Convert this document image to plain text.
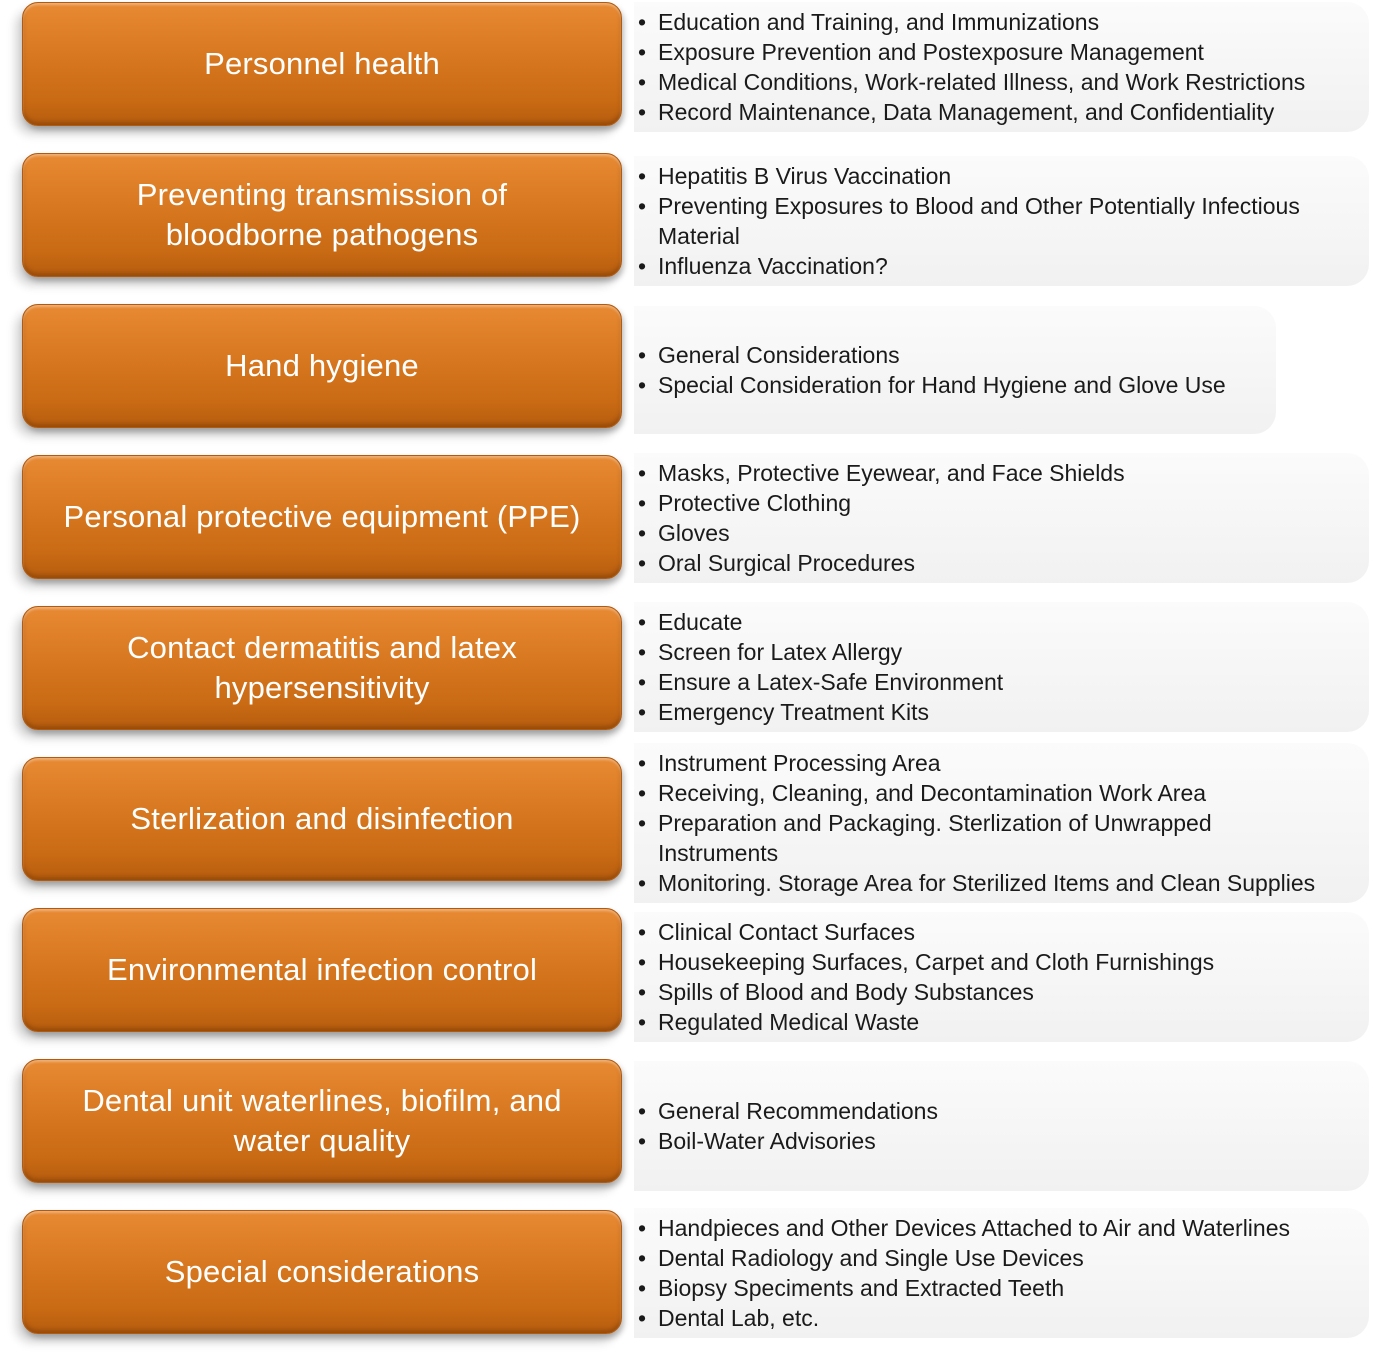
Personnel health
• Education and Training, and Immunizations
• Exposure Prevention and Postexposure Management
• Medical Conditions, Work-related Illness, and Work Restrictions
• Record Maintenance, Data Management, and Confidentiality
Preventing transmission of bloodborne pathogens
• Hepatitis B Virus Vaccination
• Preventing Exposures to Blood and Other Potentially Infectious Material
• Influenza Vaccination?
Hand hygiene
•	General Considerations
• Special Consideration for Hand Hygiene and Glove Use
Personal protective equipment (PPE)
• Masks, Protective Eyewear, and Face Shields
• Protective Clothing
• Gloves
• Oral Surgical Procedures
Contact dermatitis and latex hypersensitivity
• Educate
• Screen for Latex Allergy
• Ensure a Latex-Safe Environment
• Emergency Treatment Kits
Sterlization and disinfection
• Instrument Processing Area
• Receiving, Cleaning, and Decontamination Work Area
• Preparation and Packaging. Sterlization of Unwrapped Instruments
• Monitoring. Storage Area for Sterilized Items and Clean Supplies
Environmental infection control
• Clinical Contact Surfaces
• Housekeeping Surfaces, Carpet and Cloth Furnishings
• Spills of Blood and Body Substances
• Regulated Medical Waste
Dental unit waterlines, biofilm, and water quality
• General Recommendations
• Boil-Water Advisories
Special considerations
• Handpieces and Other Devices Attached to Air and Waterlines
• Dental Radiology and Single Use Devices
• Biopsy Speciments and Extracted Teeth
• Dental Lab, etc.
